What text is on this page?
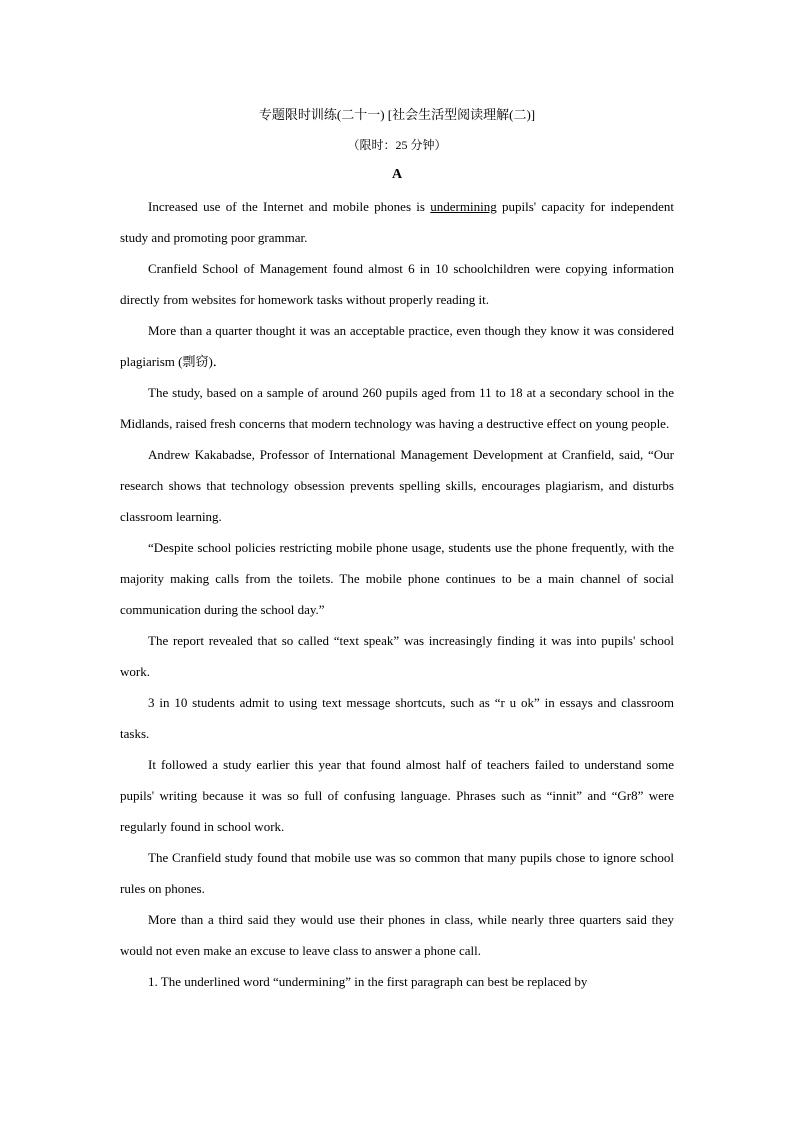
专题限时训练(二十一) [社会生活型阅读理解(二)]
（限时：25 分钟）
A

Increased use of the Internet and mobile phones is undermining pupils' capacity for independent study and promoting poor grammar.

Cranfield School of Management found almost 6 in 10 schoolchildren were copying information directly from websites for homework tasks without properly reading it.

More than a quarter thought it was an acceptable practice, even though they know it was considered plagiarism (剽窃)．

The study, based on a sample of around 260 pupils aged from 11 to 18 at a secondary school in the Midlands, raised fresh concerns that modern technology was having a destructive effect on young people.

Andrew Kakabadse, Professor of International Management Development at Cranfield, said, “Our research shows that technology obsession prevents spelling skills, encourages plagiarism, and disturbs classroom learning.

“Despite school policies restricting mobile phone usage, students use the phone frequently, with the majority making calls from the toilets. The mobile phone continues to be a main channel of social communication during the school day.”

The report revealed that so called “text speak” was increasingly finding it was into pupils' school work.

3 in 10 students admit to using text message shortcuts, such as “r u ok” in essays and classroom tasks.

It followed a study earlier this year that found almost half of teachers failed to understand some pupils' writing because it was so full of confusing language. Phrases such as “innit” and “Gr8” were regularly found in school work.

The Cranfield study found that mobile use was so common that many pupils chose to ignore school rules on phones.

More than a third said they would use their phones in class, while nearly three quarters said they would not even make an excuse to leave class to answer a phone call.

1. The underlined word “undermining” in the first paragraph can best be replaced by
